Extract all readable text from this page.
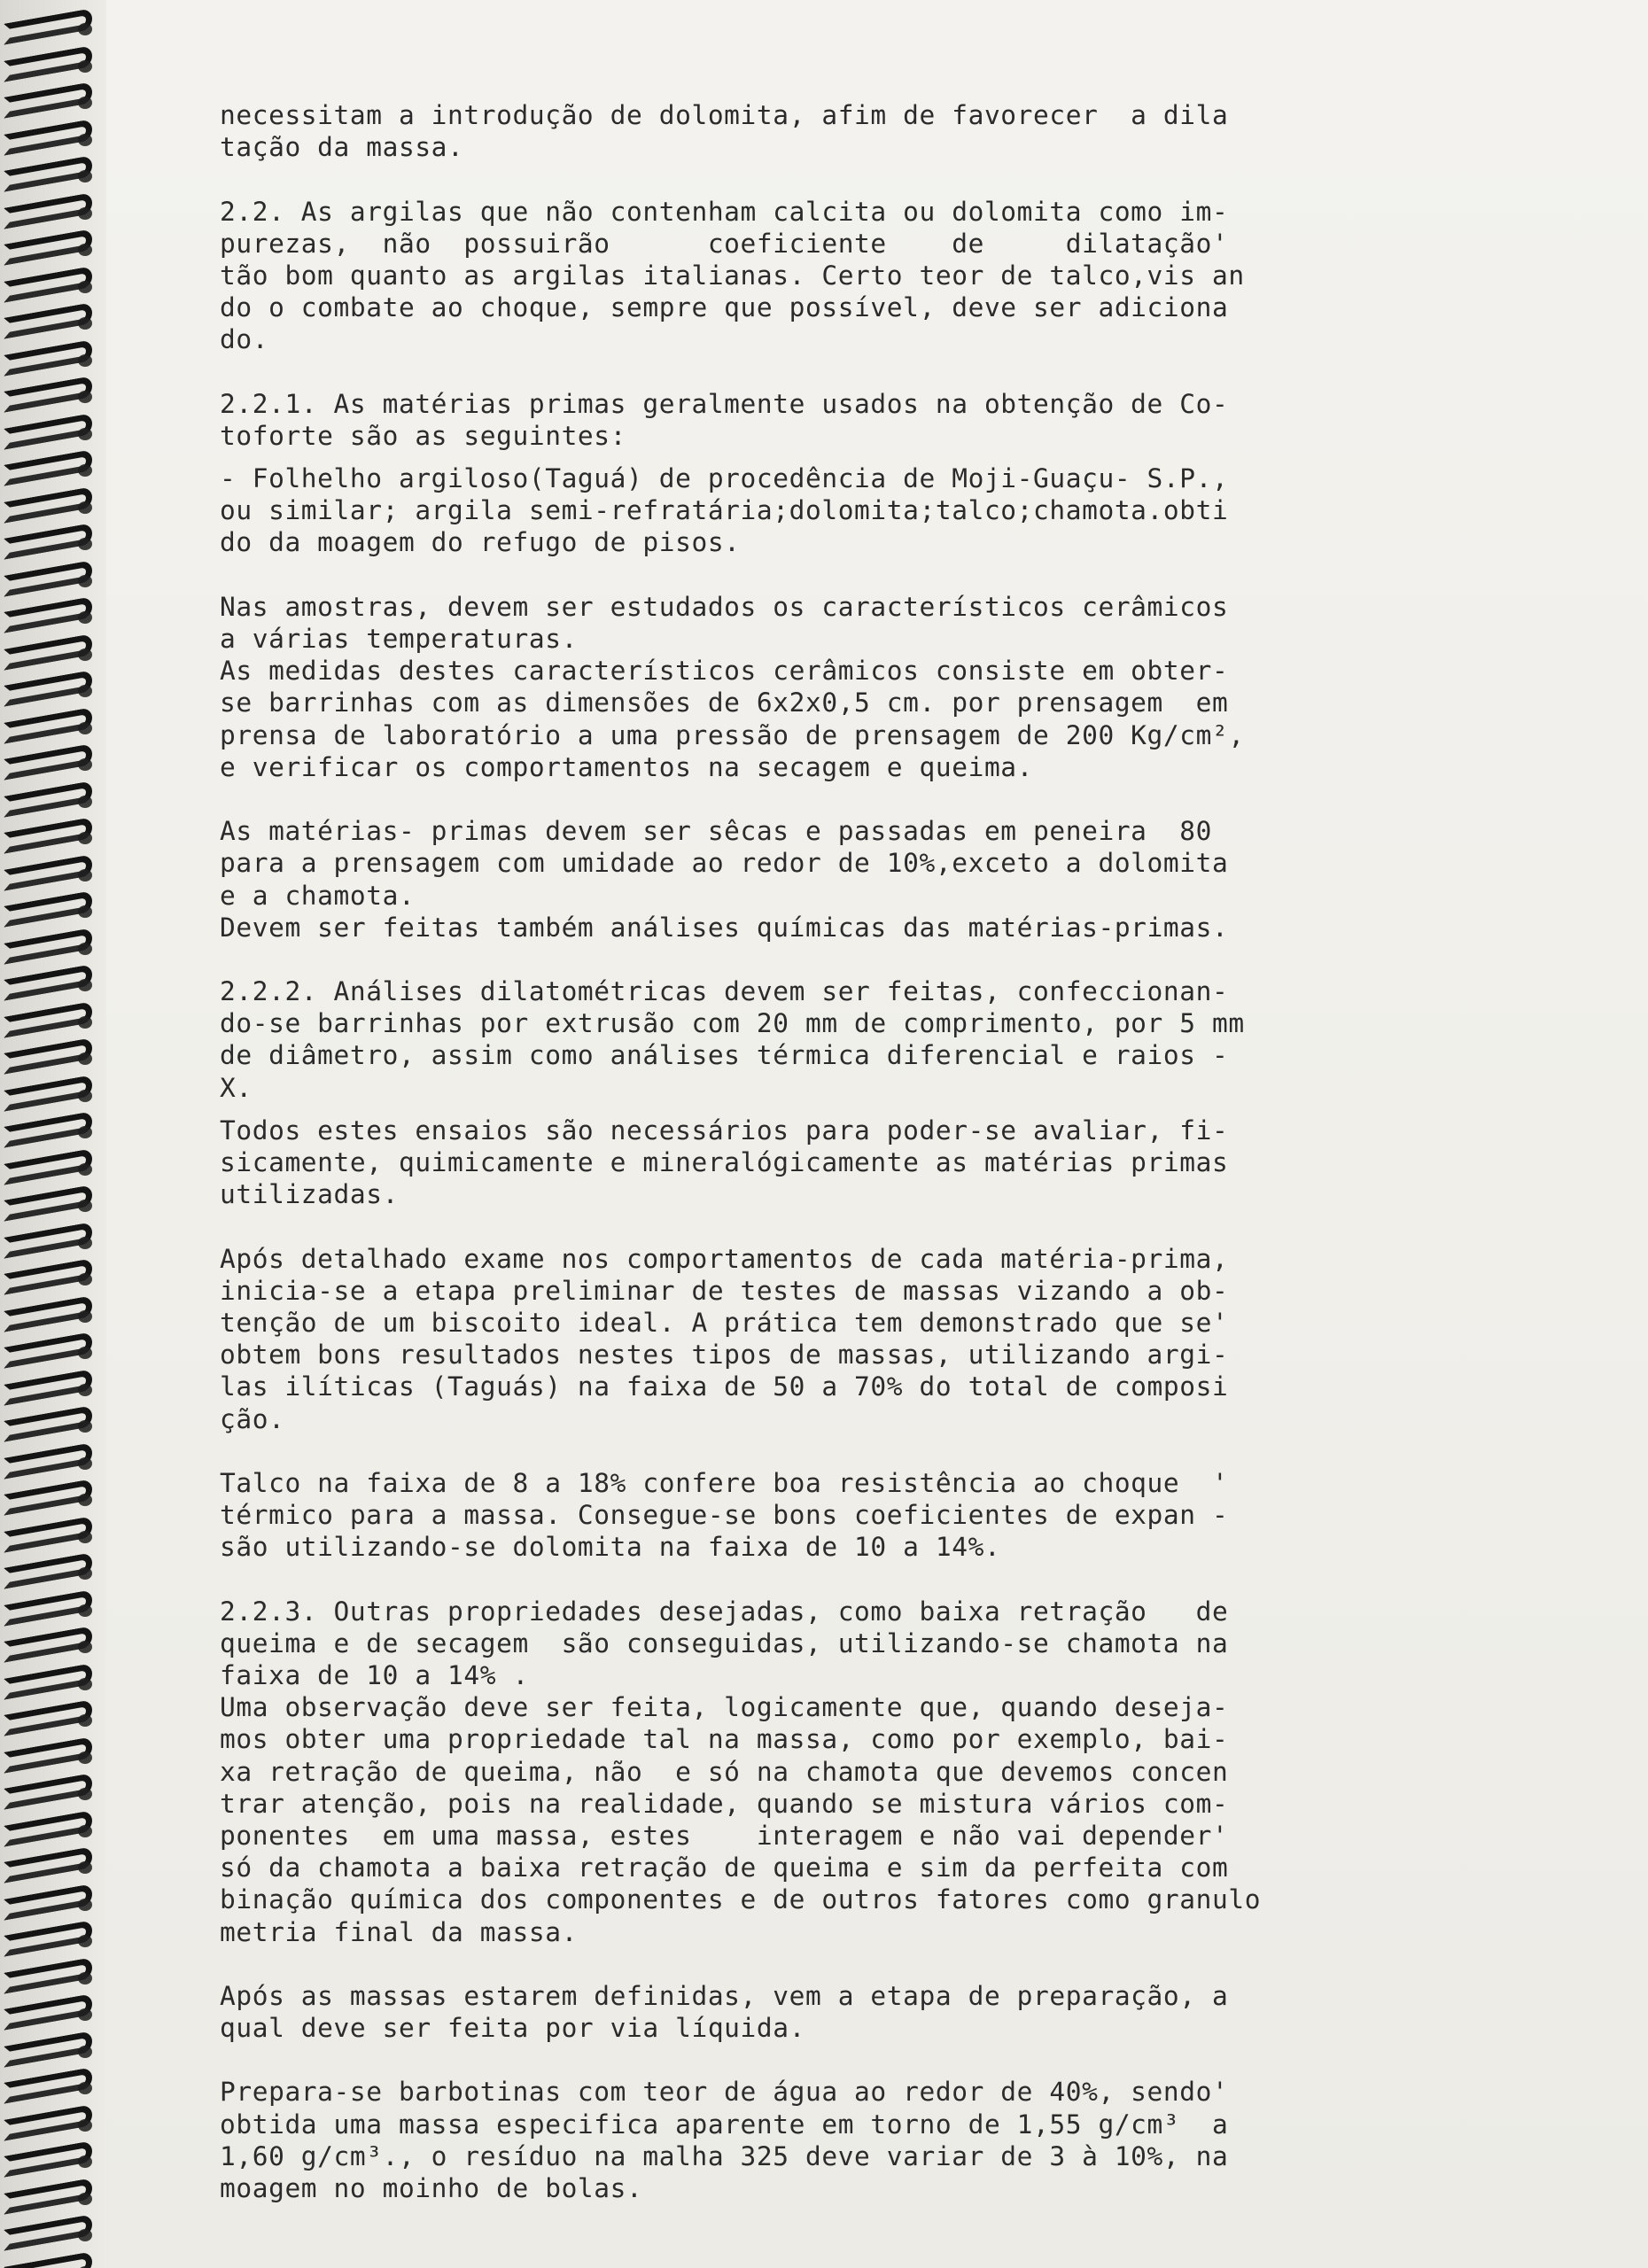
necessitam a introdução de dolomita, afim de favorecer  a dila
tação da massa.
2.2. As argilas que não contenham calcita ou dolomita como im-
purezas,  não  possuirão      coeficiente    de     dilatação'
tão bom quanto as argilas italianas. Certo teor de talco,vis an
do o combate ao choque, sempre que possível, deve ser adiciona
do.
2.2.1. As matérias primas geralmente usados na obtenção de Co-
toforte são as seguintes:
- Folhelho argiloso(Taguá) de procedência de Moji-Guaçu- S.P.,
ou similar; argila semi-refratária;dolomita;talco;chamota.obti
do da moagem do refugo de pisos.
Nas amostras, devem ser estudados os característicos cerâmicos
a várias temperaturas.
As medidas destes característicos cerâmicos consiste em obter-
se barrinhas com as dimensões de 6x2x0,5 cm. por prensagem  em
prensa de laboratório a uma pressão de prensagem de 200 Kg/cm²,
e verificar os comportamentos na secagem e queima.
As matérias- primas devem ser sêcas e passadas em peneira  80
para a prensagem com umidade ao redor de 10%,exceto a dolomita
e a chamota.
Devem ser feitas também análises químicas das matérias-primas.
2.2.2. Análises dilatométricas devem ser feitas, confeccionan-
do-se barrinhas por extrusão com 20 mm de comprimento, por 5 mm
de diâmetro, assim como análises térmica diferencial e raios -
X.
Todos estes ensaios são necessários para poder-se avaliar, fi-
sicamente, quimicamente e mineralógicamente as matérias primas
utilizadas.
Após detalhado exame nos comportamentos de cada matéria-prima,
inicia-se a etapa preliminar de testes de massas vizando a ob-
tenção de um biscoito ideal. A prática tem demonstrado que se'
obtem bons resultados nestes tipos de massas, utilizando argi-
las ilíticas (Taguás) na faixa de 50 a 70% do total de composi
ção.
Talco na faixa de 8 a 18% confere boa resistência ao choque  '
térmico para a massa. Consegue-se bons coeficientes de expan -
são utilizando-se dolomita na faixa de 10 a 14%.
2.2.3. Outras propriedades desejadas, como baixa retração   de
queima e de secagem  são conseguidas, utilizando-se chamota na
faixa de 10 a 14% .
Uma observação deve ser feita, logicamente que, quando deseja-
mos obter uma propriedade tal na massa, como por exemplo, bai-
xa retração de queima, não  e só na chamota que devemos concen
trar atenção, pois na realidade, quando se mistura vários com-
ponentes  em uma massa, estes    interagem e não vai depender'
só da chamota a baixa retração de queima e sim da perfeita com
binação química dos componentes e de outros fatores como granulo
metria final da massa.
Após as massas estarem definidas, vem a etapa de preparação, a
qual deve ser feita por via líquida.
Prepara-se barbotinas com teor de água ao redor de 40%, sendo'
obtida uma massa especifica aparente em torno de 1,55 g/cm³  a
1,60 g/cm³., o resíduo na malha 325 deve variar de 3 à 10%, na
moagem no moinho de bolas.
